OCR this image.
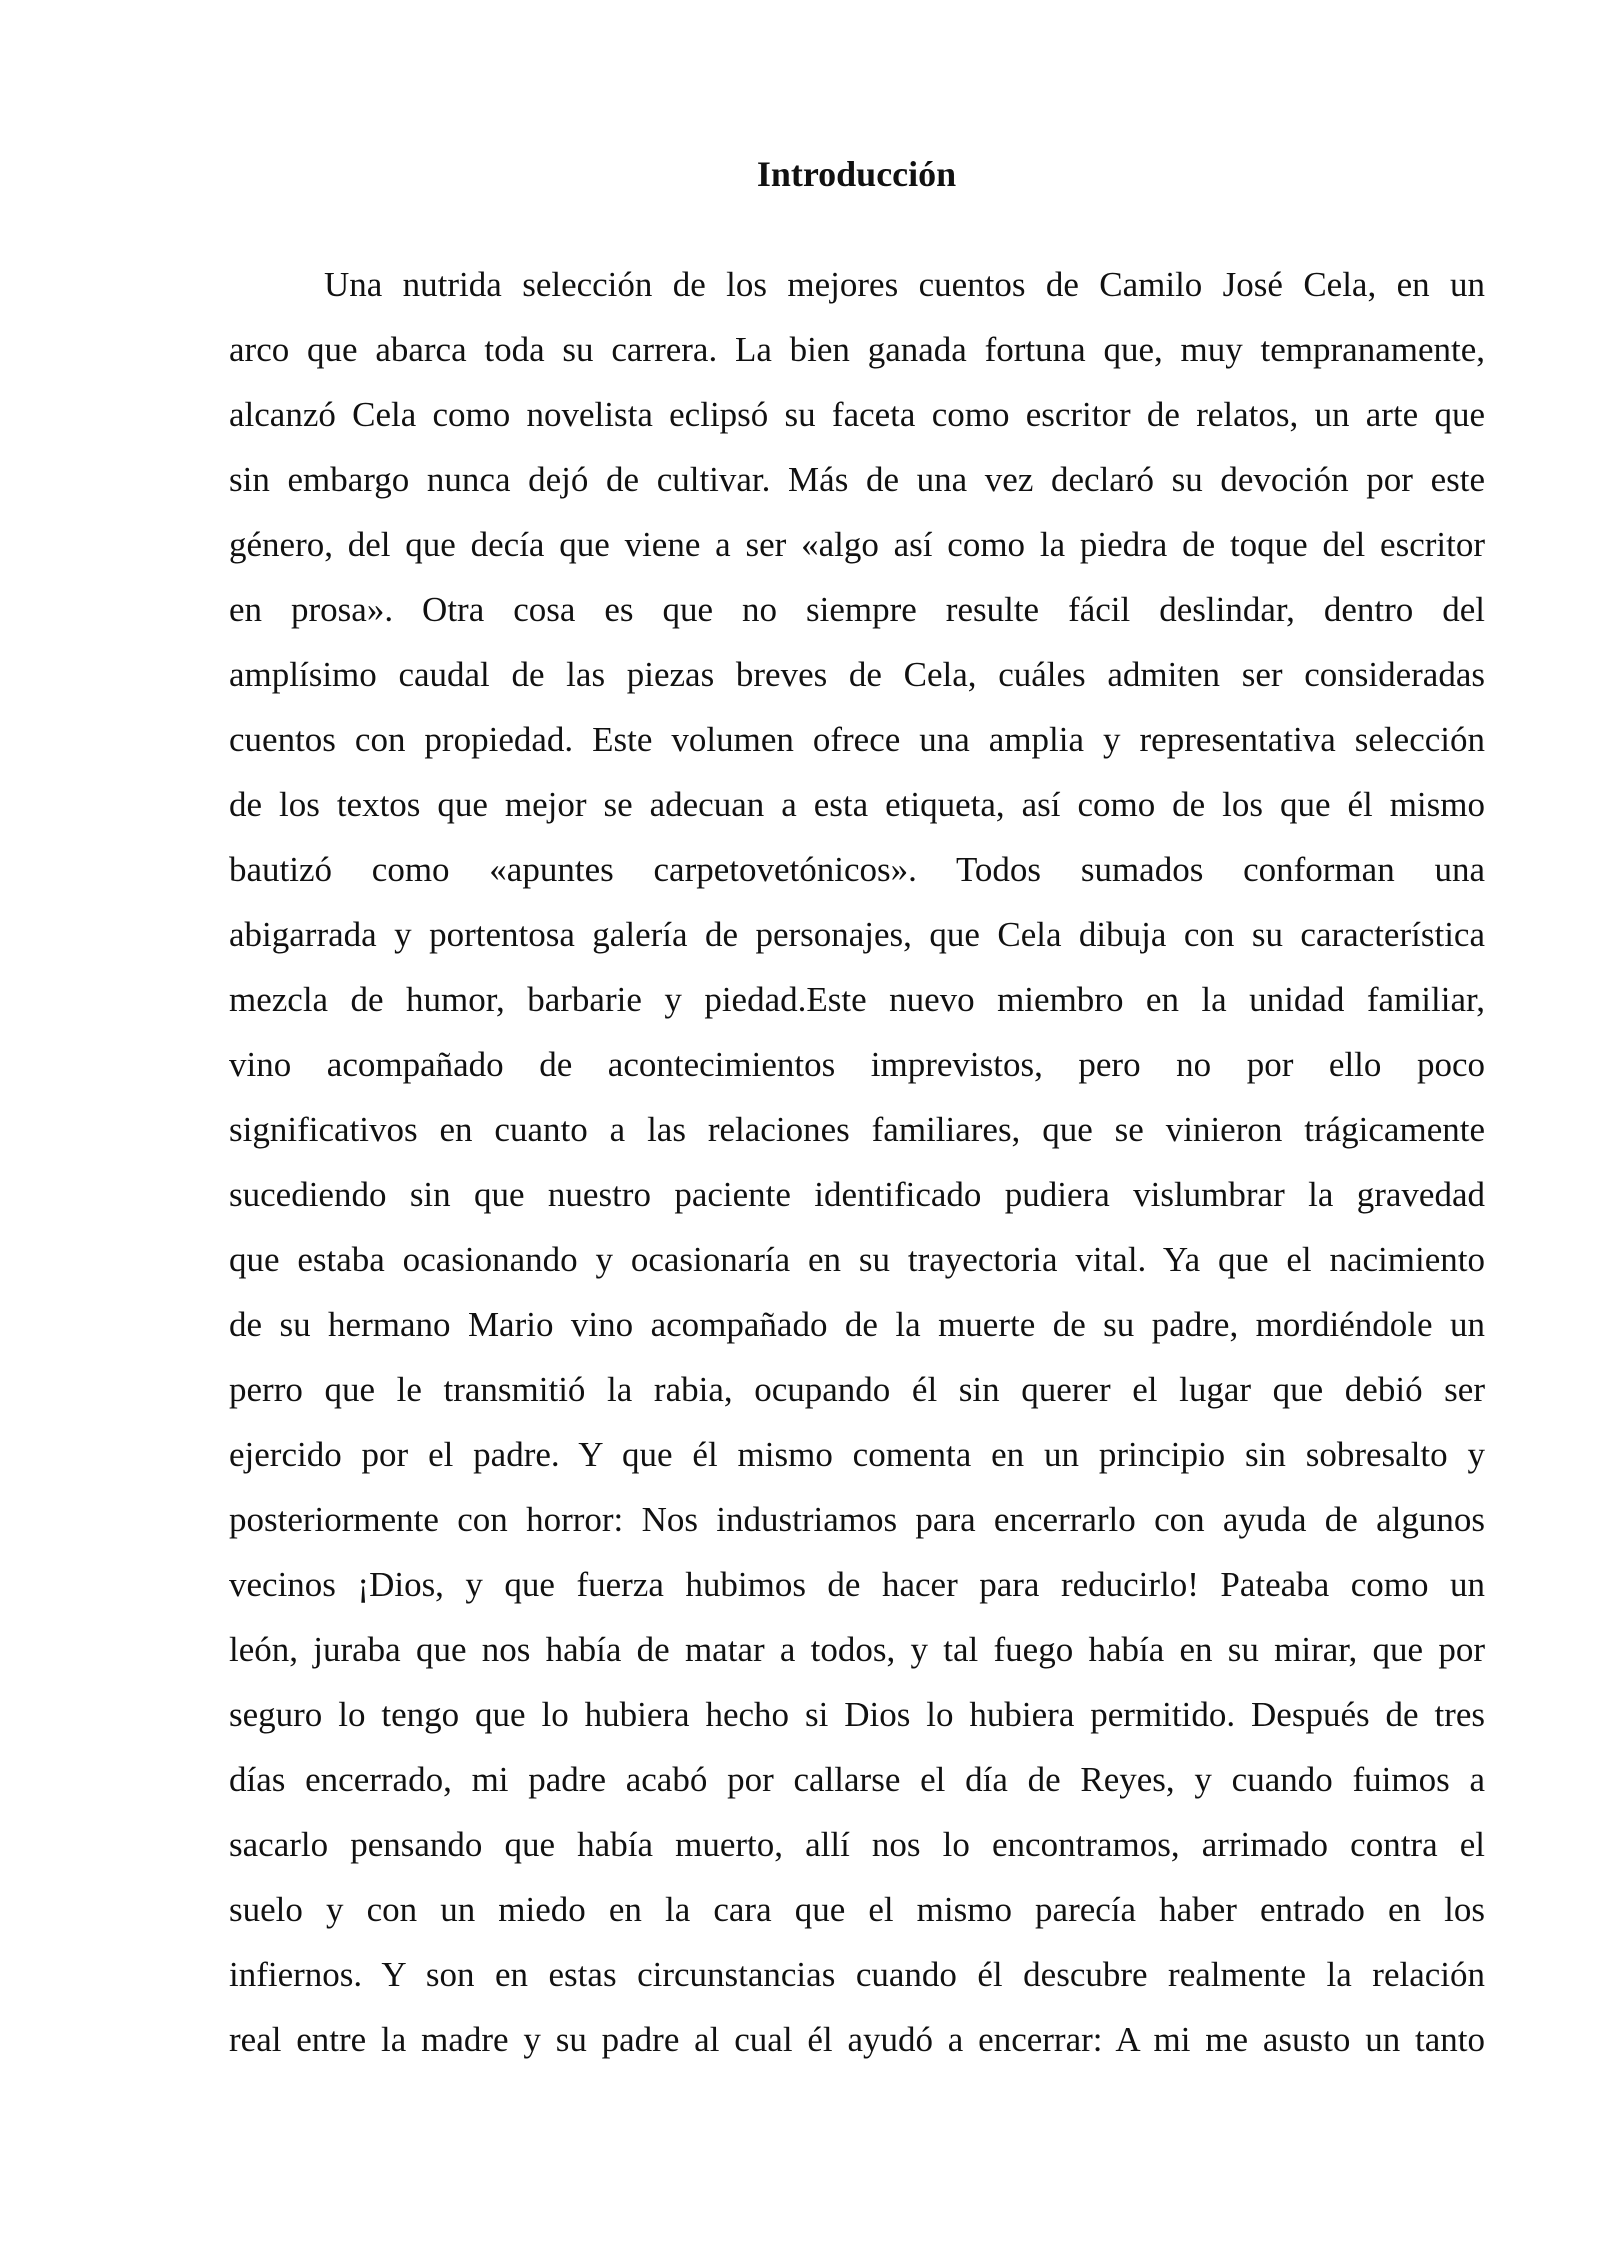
Introducción
Una nutrida selección de los mejores cuentos de Camilo José Cela, en un
arco que abarca toda su carrera. La bien ganada fortuna que, muy tempranamente,
alcanzó Cela como novelista eclipsó su faceta como escritor de relatos, un arte que
sin embargo nunca dejó de cultivar. Más de una vez declaró su devoción por este
género, del que decía que viene a ser «algo así como la piedra de toque del escritor
en prosa». Otra cosa es que no siempre resulte fácil deslindar, dentro del
amplísimo caudal de las piezas breves de Cela, cuáles admiten ser consideradas
cuentos con propiedad. Este volumen ofrece una amplia y representativa selección
de los textos que mejor se adecuan a esta etiqueta, así como de los que él mismo
bautizó como «apuntes carpetovetónicos». Todos sumados conforman una
abigarrada y portentosa galería de personajes, que Cela dibuja con su característica
mezcla de humor, barbarie y piedad.Este nuevo miembro en la unidad familiar,
vino acompañado de acontecimientos imprevistos, pero no por ello poco
significativos en cuanto a las relaciones familiares, que se vinieron trágicamente
sucediendo sin que nuestro paciente identificado pudiera vislumbrar la gravedad
que estaba ocasionando y ocasionaría en su trayectoria vital. Ya que el nacimiento
de su hermano Mario vino acompañado de la muerte de su padre, mordiéndole un
perro que le transmitió la rabia, ocupando él sin querer el lugar que debió ser
ejercido por el padre. Y que él mismo comenta en un principio sin sobresalto y
posteriormente con horror: Nos industriamos para encerrarlo con ayuda de algunos
vecinos ¡Dios, y que fuerza hubimos de hacer para reducirlo! Pateaba como un
león, juraba que nos había de matar a todos, y tal fuego había en su mirar, que por
seguro lo tengo que lo hubiera hecho si Dios lo hubiera permitido. Después de tres
días encerrado, mi padre acabó por callarse el día de Reyes, y cuando fuimos a
sacarlo pensando que había muerto, allí nos lo encontramos, arrimado contra el
suelo y con un miedo en la cara que el mismo parecía haber entrado en los
infiernos. Y son en estas circunstancias cuando él descubre realmente la relación
real entre la madre y su padre al cual él ayudó a encerrar: A mi me asusto un tanto
